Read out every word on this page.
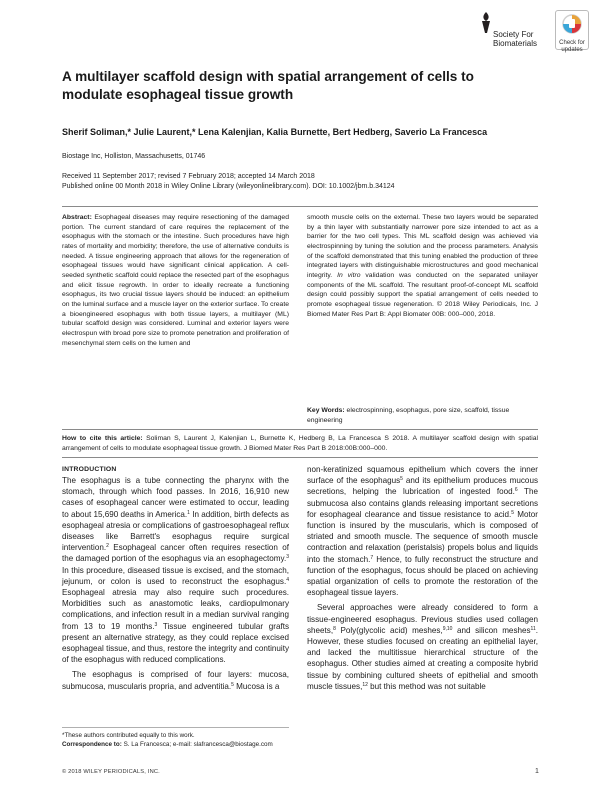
Society For
Biomaterials	Check for
updates
A multilayer scaffold design with spatial arrangement of cells to modulate esophageal tissue growth
Sherif Soliman,* Julie Laurent,* Lena Kalenjian, Kalia Burnette, Bert Hedberg, Saverio La Francesca
Biostage Inc, Holliston, Massachusetts, 01746
Received 11 September 2017; revised 7 February 2018; accepted 14 March 2018
Published online 00 Month 2018 in Wiley Online Library (wileyonlinelibrary.com). DOI: 10.1002/jbm.b.34124
Abstract: Esophageal diseases may require resectioning of the damaged portion. The current standard of care requires the replacement of the esophagus with the stomach or the intestine. Such procedures have high rates of mortality and morbidity; therefore, the use of alternative conduits is needed. A tissue engineering approach that allows for the regeneration of esophageal tissues would have significant clinical application. A cell-seeded synthetic scaffold could replace the resected part of the esophagus and elicit tissue regrowth. In order to ideally recreate a functioning esophagus, its two crucial tissue layers should be induced: an epithelium on the luminal surface and a muscle layer on the exterior surface. To create a bioengineered esophagus with both tissue layers, a multilayer (ML) tubular scaffold design was considered. Luminal and exterior layers were electrospun with broad pore size to promote penetration and proliferation of mesenchymal stem cells on the lumen and
smooth muscle cells on the external. These two layers would be separated by a thin layer with substantially narrower pore size intended to act as a barrier for the two cell types. This ML scaffold design was achieved via electrospinning by tuning the solution and the process parameters. Analysis of the scaffold demonstrated that this tuning enabled the production of three integrated layers with distinguishable microstructures and good mechanical integrity. In vitro validation was conducted on the separated unilayer components of the ML scaffold. The resultant proof-of-concept ML scaffold design could possibly support the spatial arrangement of cells needed to promote esophageal tissue regeneration. © 2018 Wiley Periodicals, Inc. J Biomed Mater Res Part B: Appl Biomater 00B: 000–000, 2018.
Key Words: electrospinning, esophagus, pore size, scaffold, tissue engineering
How to cite this article: Soliman S, Laurent J, Kalenjian L, Burnette K, Hedberg B, La Francesca S 2018. A multilayer scaffold design with spatial arrangement of cells to modulate esophageal tissue growth. J Biomed Mater Res Part B 2018:00B:000–000.
INTRODUCTION

The esophagus is a tube connecting the pharynx with the stomach, through which food passes. In 2016, 16,910 new cases of esophageal cancer were estimated to occur, leading to about 15,690 deaths in America.$^1$ In addition, birth defects as esophageal atresia or complications of gastroesophageal reflux diseases like Barrett's esophagus require surgical intervention.$^2$ Esophageal cancer often requires resection of the damaged portion of the esophagus via an esophagectomy.$^3$ In this procedure, diseased tissue is excised, and the stomach, jejunum, or colon is used to reconstruct the esophagus.$^4$ Esophageal atresia may also require such procedures. Morbidities such as anastomotic leaks, cardiopulmonary complications, and infection result in a median survival ranging from 13 to 19 months.$^3$ Tissue engineered tubular grafts present an alternative strategy, as they could replace excised esophageal tissue, and thus, restore the integrity and continuity of the esophagus with reduced complications.

The esophagus is comprised of four layers: mucosa, submucosa, muscularis propria, and adventitia.$^5$ Mucosa is a

non-keratinized squamous epithelium which covers the inner surface of the esophagus$^5$ and its epithelium produces mucous secretions, helping the lubrication of ingested food.$^6$ The submucosa also contains glands releasing important secretions for esophageal clearance and tissue resistance to acid.$^5$ Motor function is insured by the muscularis, which is composed of striated and smooth muscle. The sequence of smooth muscle contraction and relaxation (peristalsis) propels bolus and liquids into the stomach.$^7$ Hence, to fully reconstruct the structure and function of the esophagus, focus should be placed on achieving spatial organization of cells to promote the restoration of the esophageal tissue layers.

Several approaches were already considered to form a tissue-engineered esophagus. Previous studies used collagen sheets,$^8$ Poly(glycolic acid) meshes,$^{9,10}$ and silicon meshes$^{11}$. However, these studies focused on creating an epithelial layer, and lacked the multitissue hierarchical structure of the esophagus. Other studies aimed at creating a composite hybrid tissue by combining cultured sheets of epithelial and smooth muscle tissues,$^{12}$ but this method was not suitable

*These authors contributed equally to this work.
Correspondence to: S. La Francesca; e-mail: slafrancesca@biostage.com
© 2018 WILEY PERIODICALS, INC.	1
